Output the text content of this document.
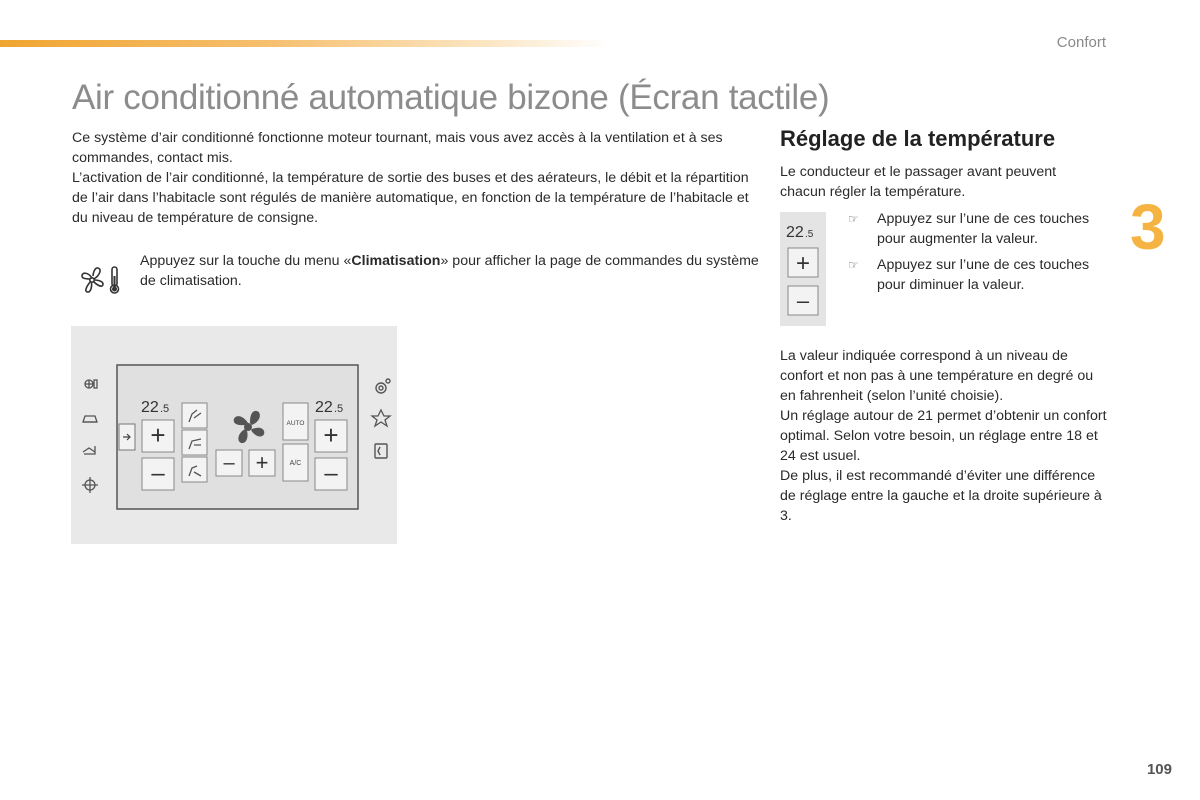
Confort
Air conditionné automatique bizone (Écran tactile)

Ce système d’air conditionné fonctionne moteur tournant, mais vous avez accès à la ventilation et à ses commandes, contact mis.

L’activation de l’air conditionné, la température de sortie des buses et des aérateurs, le débit et la répartition de l’air dans l’habitacle sont régulés de manière automatique, en fonction de la température de l’habitacle et du niveau de température de consigne.

Appuyez sur la touche du menu «Climatisation» pour afficher la page de commandes du système de climatisation.
22 .5
+
–	– +
AUTO
A/C
22 .5
+
–
Réglage de la température
Le conducteur et le passager avant peuvent chacun régler la température.
22 .5
+
–
☞ Appuyez sur l’une de ces touches pour augmenter la valeur.
☞ Appuyez sur l’une de ces touches pour diminuer la valeur.

La valeur indiquée correspond à un niveau de confort et non pas à une température en degré ou en fahrenheit (selon l’unité choisie).

Un réglage autour de 21 permet d’obtenir un confort optimal. Selon votre besoin, un réglage entre 18 et 24 est usuel.

De plus, il est recommandé d’éviter une différence de réglage entre la gauche et la droite supérieure à 3.

3
109
